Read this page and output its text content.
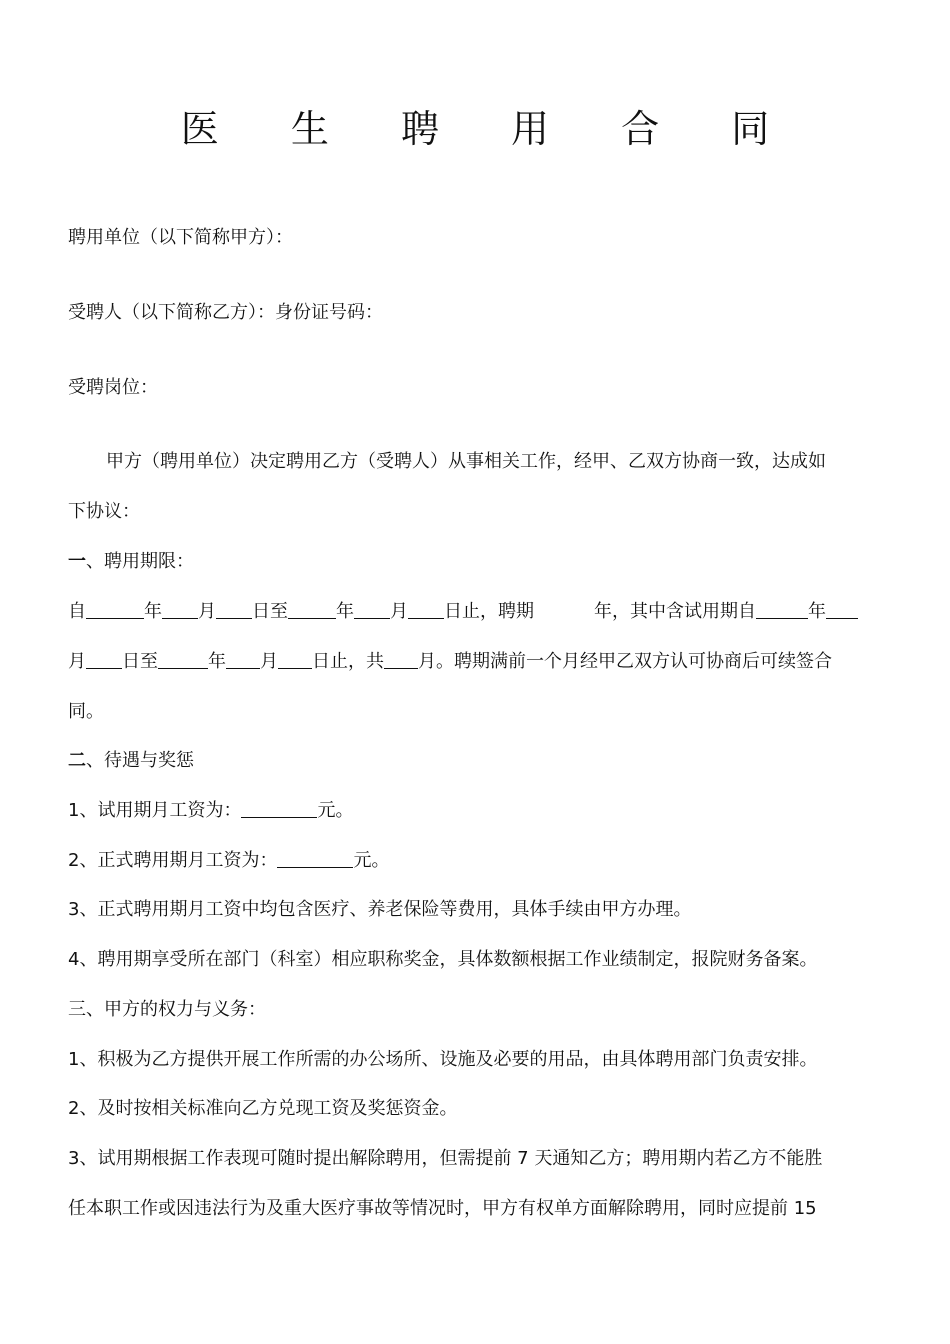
医 生 聘 用 合 同
聘用单位（以下简称甲方）：
受聘人（以下简称乙方）：身份证号码：
受聘岗位：
甲方（聘用单位）决定聘用乙方（受聘人）从事相关工作，经甲、乙双方协商一致，达成如
下协议：
一、聘用期限：
自	年 月 日至	年 月 日止，聘期	年，其中含试用期自	年
月 日至	年 月 日止，共 月。聘期满前一个月经甲乙双方认可协商后可续签合
同。
二、待遇与奖惩
1、试用期月工资为：	元。
2、正式聘用期月工资为：	元。
3、正式聘用期月工资中均包含医疗、养老保险等费用，具体手续由甲方办理。
4、聘用期享受所在部门（科室）相应职称奖金，具体数额根据工作业绩制定，报院财务备案。
三、甲方的权力与义务：
1、积极为乙方提供开展工作所需的办公场所、设施及必要的用品，由具体聘用部门负责安排。
2、及时按相关标准向乙方兑现工资及奖惩资金。
3、试用期根据工作表现可随时提出解除聘用，但需提前 7 天通知乙方；聘用期内若乙方不能胜
任本职工作或因违法行为及重大医疗事故等情况时，甲方有权单方面解除聘用，同时应提前 15
